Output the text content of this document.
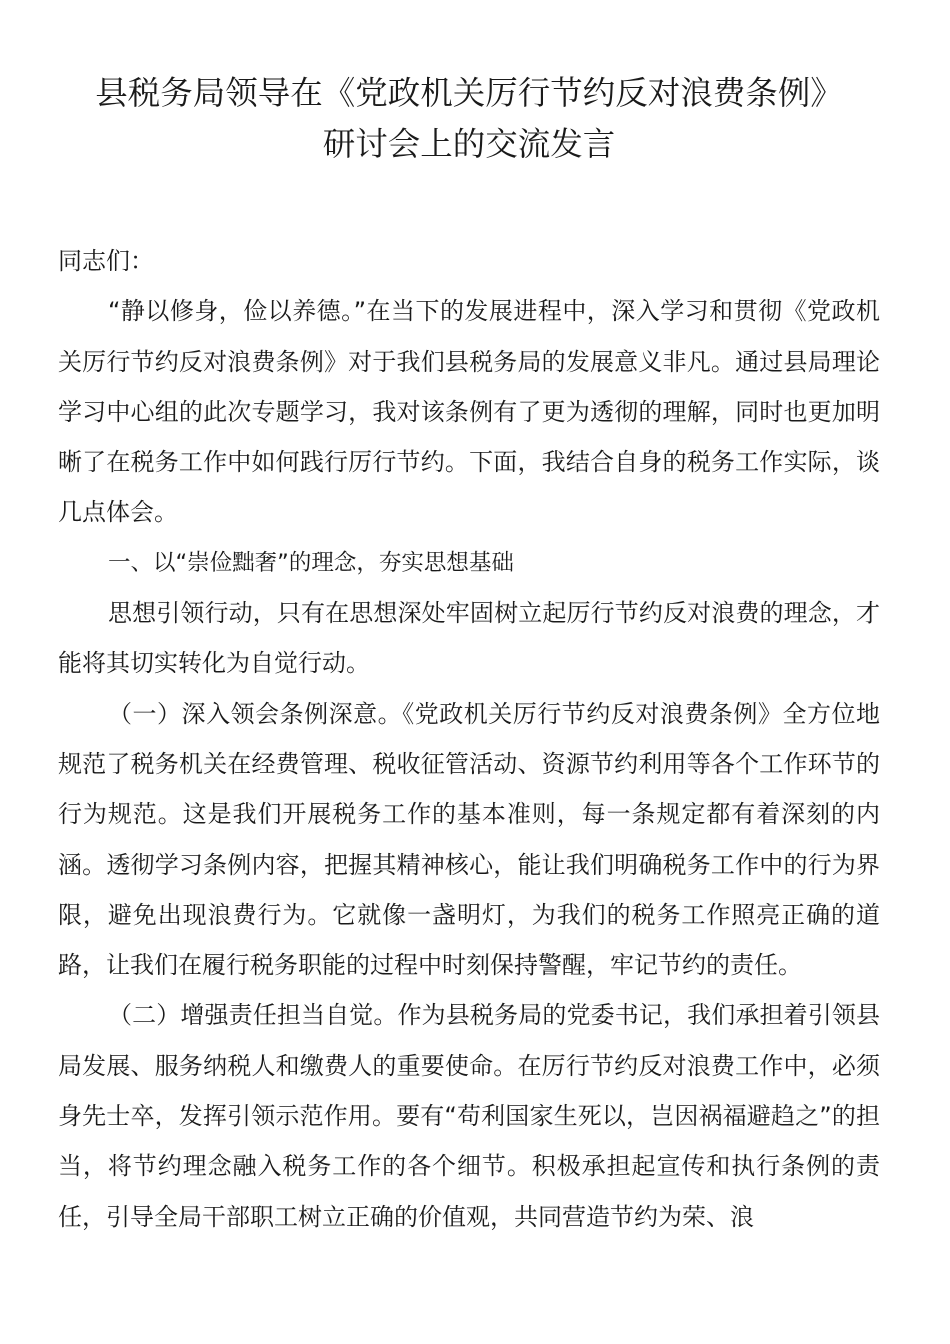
县税务局领导在《党政机关厉行节约反对浪费条例》
研讨会上的交流发言

同志们：

“静以修身，俭以养德。”在当下的发展进程中，深入学习和贯彻《党政机关厉行节约反对浪费条例》对于我们县税务局的发展意义非凡。通过县局理论学习中心组的此次专题学习，我对该条例有了更为透彻的理解，同时也更加明晰了在税务工作中如何践行厉行节约。下面，我结合自身的税务工作实际，谈几点体会。

一、以“崇俭黜奢”的理念，夯实思想基础

思想引领行动，只有在思想深处牢固树立起厉行节约反对浪费的理念，才能将其切实转化为自觉行动。

（一）深入领会条例深意。《党政机关厉行节约反对浪费条例》全方位地规范了税务机关在经费管理、税收征管活动、资源节约利用等各个工作环节的行为规范。这是我们开展税务工作的基本准则，每一条规定都有着深刻的内涵。透彻学习条例内容，把握其精神核心，能让我们明确税务工作中的行为界限，避免出现浪费行为。它就像一盏明灯，为我们的税务工作照亮正确的道路，让我们在履行税务职能的过程中时刻保持警醒，牢记节约的责任。

（二）增强责任担当自觉。作为县税务局的党委书记，我们承担着引领县局发展、服务纳税人和缴费人的重要使命。在厉行节约反对浪费工作中，必须身先士卒，发挥引领示范作用。要有“苟利国家生死以，岂因祸福避趋之”的担当，将节约理念融入税务工作的各个细节。积极承担起宣传和执行条例的责任，引导全局干部职工树立正确的价值观，共同营造节约为荣、浪
